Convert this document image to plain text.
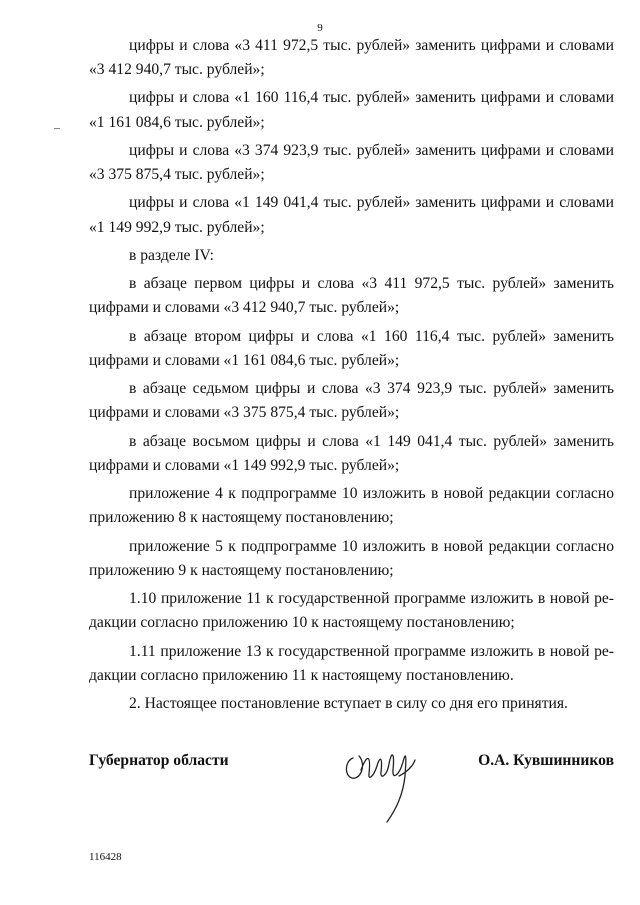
9

цифры и слова «3 411 972,5 тыс. рублей» заменить цифрами и словами «3 412 940,7 тыс. рублей»;

цифры и слова «1 160 116,4 тыс. рублей» заменить цифрами и словами «1 161 084,6 тыс. рублей»;

цифры и слова «3 374 923,9 тыс. рублей» заменить цифрами и словами «3 375 875,4 тыс. рублей»;

цифры и слова «1 149 041,4 тыс. рублей» заменить цифрами и словами «1 149 992,9 тыс. рублей»;

в разделе IV:

в абзаце первом цифры и слова «3 411 972,5 тыс. рублей» заменить цифрами и словами «3 412 940,7 тыс. рублей»;

в абзаце втором цифры и слова «1 160 116,4 тыс. рублей» заменить цифрами и словами «1 161 084,6 тыс. рублей»;

в абзаце седьмом цифры и слова «3 374 923,9 тыс. рублей» заменить цифрами и словами «3 375 875,4 тыс. рублей»;

в абзаце восьмом цифры и слова «1 149 041,4 тыс. рублей» заменить цифрами и словами «1 149 992,9 тыс. рублей»;

приложение 4 к подпрограмме 10 изложить в новой редакции согласно приложению 8 к настоящему постановлению;

приложение 5 к подпрограмме 10 изложить в новой редакции согласно приложению 9 к настоящему постановлению;

1.10 приложение 11 к государственной программе изложить в новой редакции согласно приложению 10 к настоящему постановлению;

1.11 приложение 13 к государственной программе изложить в новой редакции согласно приложению 11 к настоящему постановлению.

2. Настоящее постановление вступает в силу со дня его принятия.

Губернатор области	О.А. Кувшинников
116428
